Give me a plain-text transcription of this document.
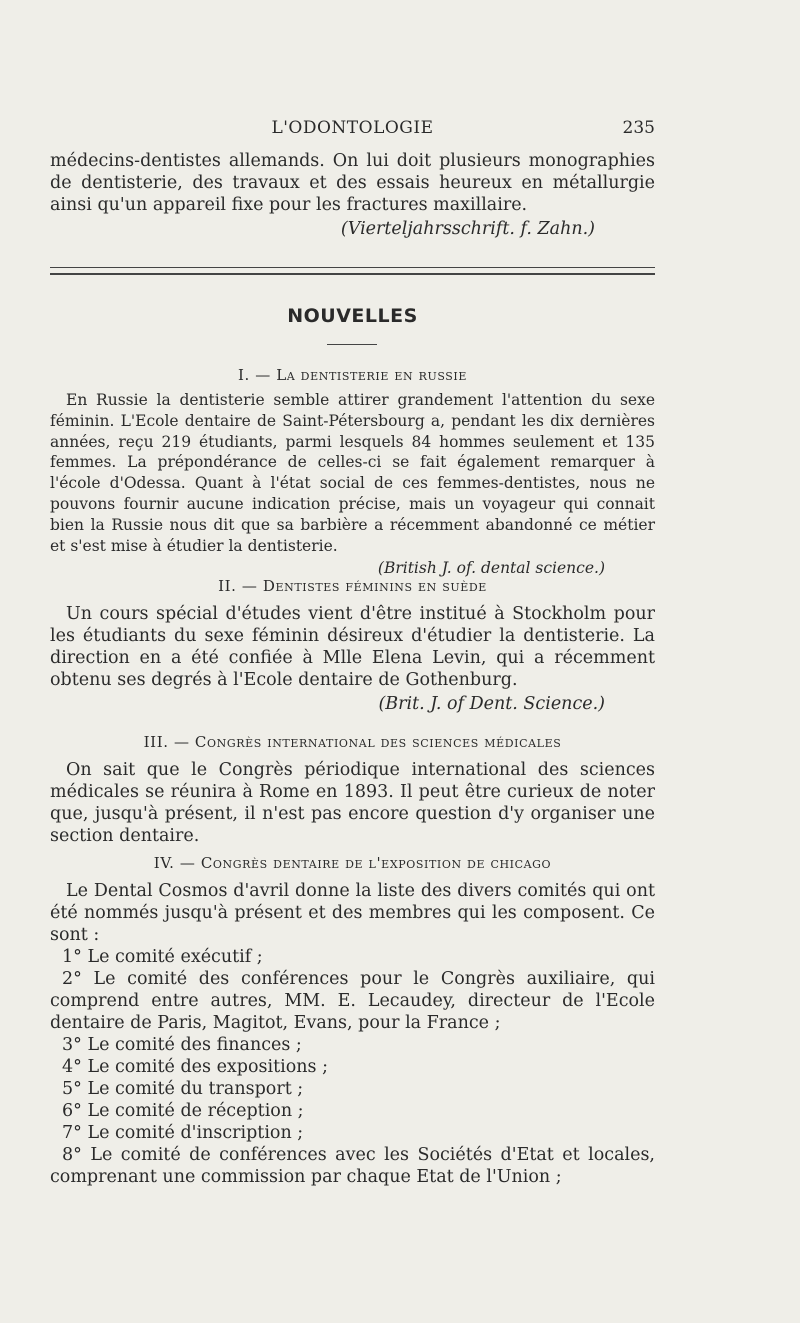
L'ODONTOLOGIE	235

médecins-dentistes allemands. On lui doit plusieurs monographies de dentisterie, des travaux et des essais heureux en métallurgie ainsi qu'un appareil fixe pour les fractures maxillaire.

(Vierteljahrsschrift. f. Zahn.)

NOUVELLES

I. — La dentisterie en russie

En Russie la dentisterie semble attirer grandement l'attention du sexe féminin. L'Ecole dentaire de Saint-Pétersbourg a, pendant les dix dernières années, reçu 219 étudiants, parmi lesquels 84 hommes seulement et 135 femmes. La prépondérance de celles-ci se fait également remarquer à l'école d'Odessa. Quant à l'état social de ces femmes-dentistes, nous ne pouvons fournir aucune indication précise, mais un voyageur qui connait bien la Russie nous dit que sa barbière a récemment abandonné ce métier et s'est mise à étudier la dentisterie.

(British J. of. dental science.)

II. — Dentistes féminins en suède

Un cours spécial d'études vient d'être institué à Stockholm pour les étudiants du sexe féminin désireux d'étudier la dentisterie. La direction en a été confiée à Mlle Elena Levin, qui a récemment obtenu ses degrés à l'Ecole dentaire de Gothenburg.

(Brit. J. of Dent. Science.)

III. — Congrès international des sciences médicales

On sait que le Congrès périodique international des sciences médicales se réunira à Rome en 1893. Il peut être curieux de noter que, jusqu'à présent, il n'est pas encore question d'y organiser une section dentaire.

IV. — Congrès dentaire de l'exposition de chicago

Le Dental Cosmos d'avril donne la liste des divers comités qui ont été nommés jusqu'à présent et des membres qui les composent. Ce sont :

1° Le comité exécutif ;

2° Le comité des conférences pour le Congrès auxiliaire, qui comprend entre autres, MM. E. Lecaudey, directeur de l'Ecole dentaire de Paris, Magitot, Evans, pour la France ;

3° Le comité des finances ;

4° Le comité des expositions ;

5° Le comité du transport ;

6° Le comité de réception ;

7° Le comité d'inscription ;

8° Le comité de conférences avec les Sociétés d'Etat et locales, comprenant une commission par chaque Etat de l'Union ;
